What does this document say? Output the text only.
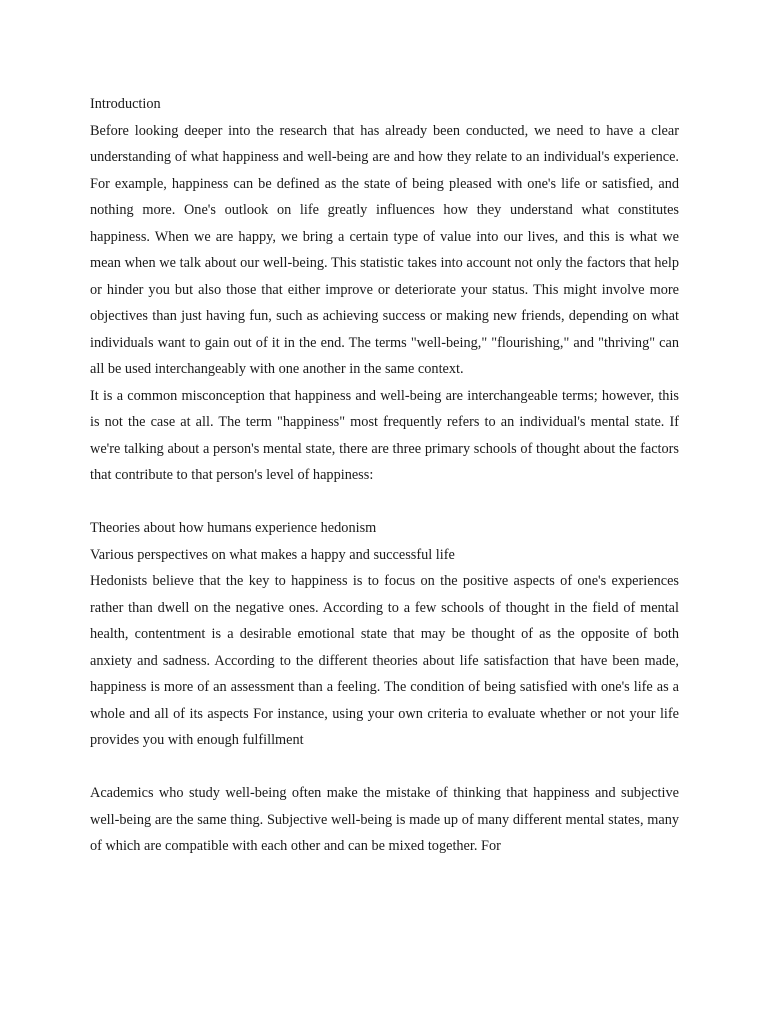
Introduction

Before looking deeper into the research that has already been conducted, we need to have a clear understanding of what happiness and well-being are and how they relate to an individual's experience. For example, happiness can be defined as the state of being pleased with one's life or satisfied, and nothing more. One's outlook on life greatly influences how they understand what constitutes happiness. When we are happy, we bring a certain type of value into our lives, and this is what we mean when we talk about our well-being. This statistic takes into account not only the factors that help or hinder you but also those that either improve or deteriorate your status. This might involve more objectives than just having fun, such as achieving success or making new friends, depending on what individuals want to gain out of it in the end. The terms "well-being," "flourishing," and "thriving" can all be used interchangeably with one another in the same context.

It is a common misconception that happiness and well-being are interchangeable terms; however, this is not the case at all. The term "happiness" most frequently refers to an individual's mental state. If we're talking about a person's mental state, there are three primary schools of thought about the factors that contribute to that person's level of happiness:

Theories about how humans experience hedonism

Various perspectives on what makes a happy and successful life

Hedonists believe that the key to happiness is to focus on the positive aspects of one's experiences rather than dwell on the negative ones. According to a few schools of thought in the field of mental health, contentment is a desirable emotional state that may be thought of as the opposite of both anxiety and sadness. According to the different theories about life satisfaction that have been made, happiness is more of an assessment than a feeling. The condition of being satisfied with one's life as a whole and all of its aspects For instance, using your own criteria to evaluate whether or not your life provides you with enough fulfillment

Academics who study well-being often make the mistake of thinking that happiness and subjective well-being are the same thing. Subjective well-being is made up of many different mental states, many of which are compatible with each other and can be mixed together. For
